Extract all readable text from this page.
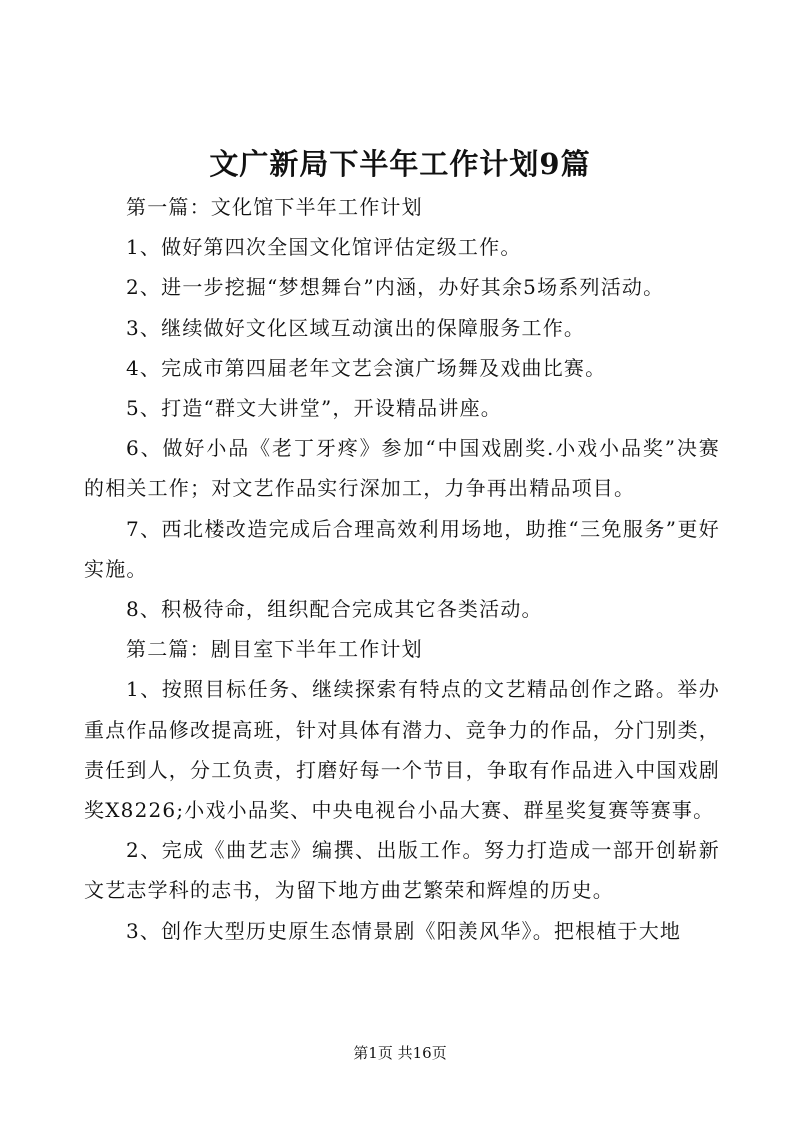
文广新局下半年工作计划9篇

第一篇：文化馆下半年工作计划

1、做好第四次全国文化馆评估定级工作。

2、进一步挖掘“梦想舞台”内涵，办好其余5场系列活动。

3、继续做好文化区域互动演出的保障服务工作。

4、完成市第四届老年文艺会演广场舞及戏曲比赛。

5、打造“群文大讲堂”，开设精品讲座。

6、做好小品《老丁牙疼》参加“中国戏剧奖.小戏小品奖”决赛的相关工作；对文艺作品实行深加工，力争再出精品项目。

7、西北楼改造完成后合理高效利用场地，助推“三免服务”更好实施。

8、积极待命，组织配合完成其它各类活动。

第二篇：剧目室下半年工作计划

1、按照目标任务、继续探索有特点的文艺精品创作之路。举办重点作品修改提高班，针对具体有潜力、竞争力的作品，分门别类，责任到人，分工负责，打磨好每一个节目，争取有作品进入中国戏剧奖X8226;小戏小品奖、中央电视台小品大赛、群星奖复赛等赛事。

2、完成《曲艺志》编撰、出版工作。努力打造成一部开创崭新文艺志学科的志书，为留下地方曲艺繁荣和辉煌的历史。

3、创作大型历史原生态情景剧《阳羡风华》。把根植于大地

第1页 共16页
